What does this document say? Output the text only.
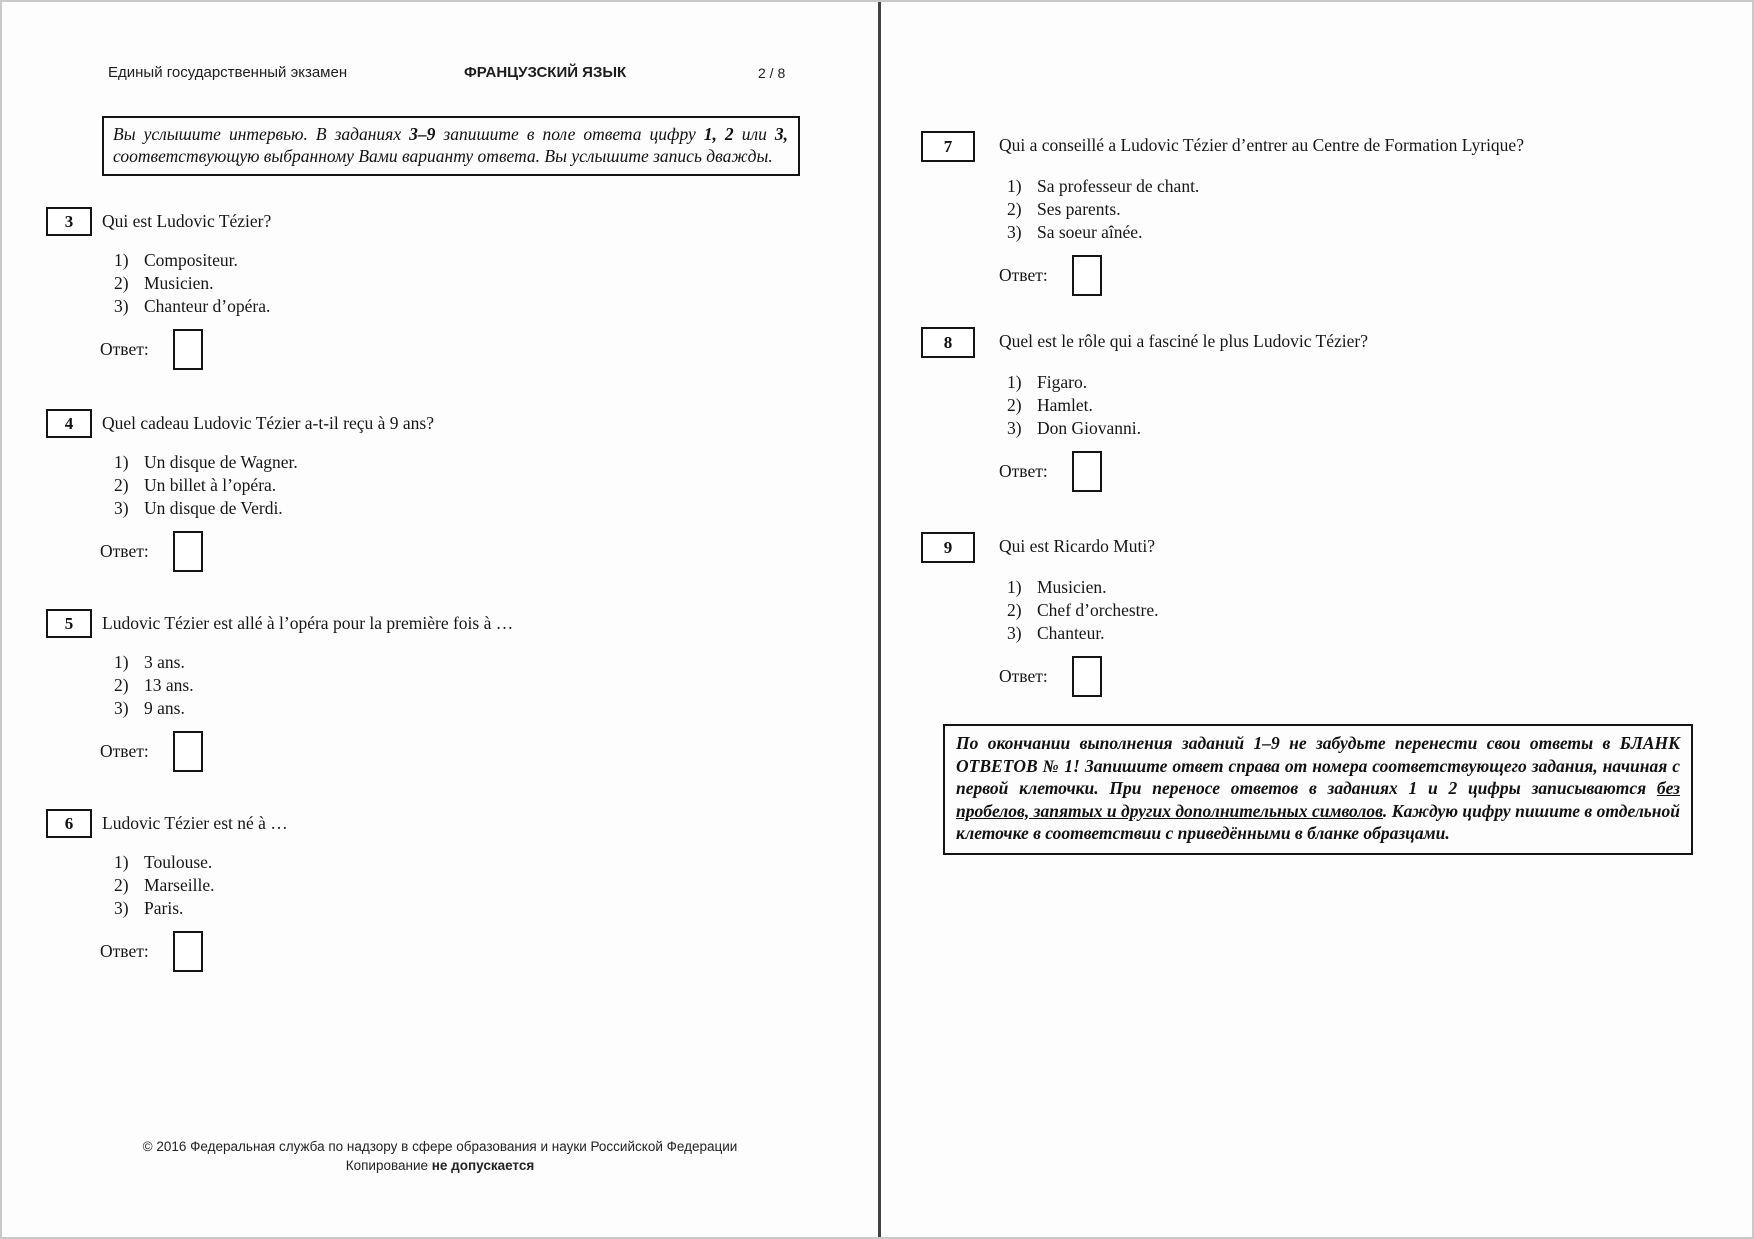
Единый государственный экзамен	ФРАНЦУЗСКИЙ ЯЗЫК	2 / 8
Вы услышите интервью. В заданиях 3–9 запишите в поле ответа цифру 1, 2 или 3, соответствующую выбранному Вами варианту ответа. Вы услышите запись дважды.
3	Qui est Ludovic Tézier?
1) Compositeur.
2) Musicien.
3) Chanteur d’opéra.
Ответ:
4	Quel cadeau Ludovic Tézier a-t-il reçu à 9 ans?
1) Un disque de Wagner.
2) Un billet à l’opéra.
3) Un disque de Verdi.
Ответ:
5	Ludovic Tézier est allé à l’opéra pour la première fois à …
1) 3 ans.
2) 13 ans.
3) 9 ans.
Ответ:
6	Ludovic Tézier est né à …
1) Toulouse.
2) Marseille.
3) Paris.
Ответ:
© 2016 Федеральная служба по надзору в сфере образования и науки Российской Федерации
Копирование не допускается
7	Qui a conseillé a Ludovic Tézier d’entrer au Centre de Formation Lyrique?
1) Sa professeur de chant.
2) Ses parents.
3) Sa soeur aînée.
Ответ:
8	Quel est le rôle qui a fasciné le plus Ludovic Tézier?
1) Figaro.
2) Hamlet.
3) Don Giovanni.
Ответ:
9	Qui est Ricardo Muti?
1) Musicien.
2) Chef d’orchestre.
3) Chanteur.
Ответ:
По окончании выполнения заданий 1–9 не забудьте перенести свои ответы в БЛАНК ОТВЕТОВ № 1! Запишите ответ справа от номера соответствующего задания, начиная с первой клеточки. При переносе ответов в заданиях 1 и 2 цифры записываются без пробелов, запятых и других дополнительных символов. Каждую цифру пишите в отдельной клеточке в соответствии с приведёнными в бланке образцами.
